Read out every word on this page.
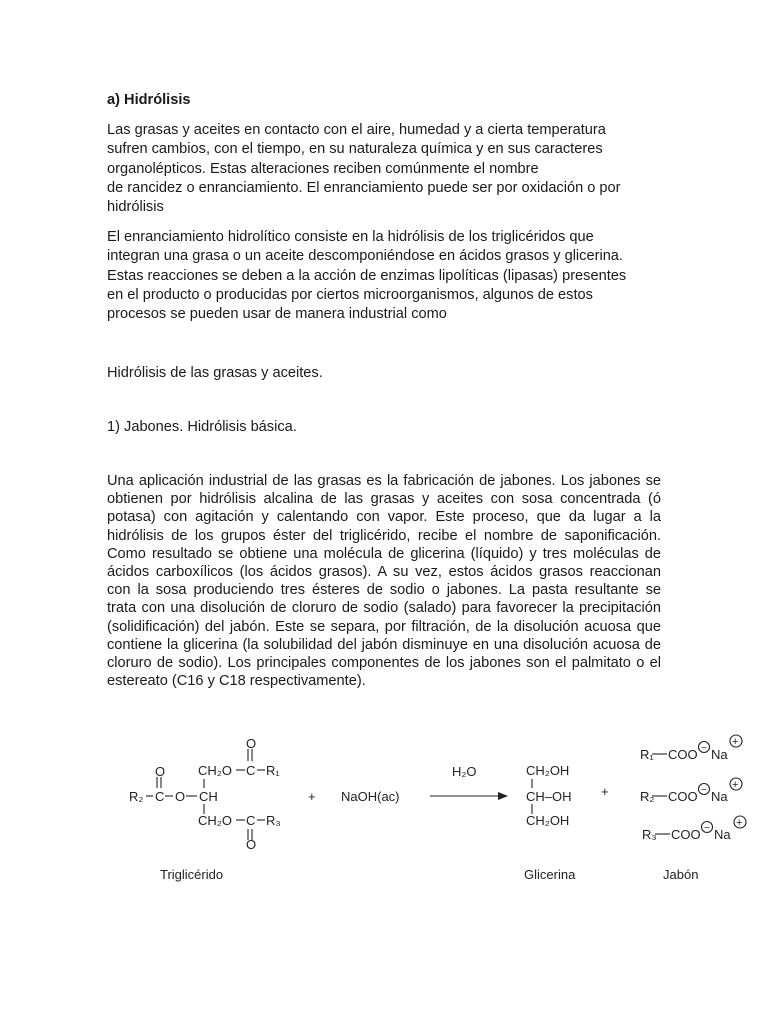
a) Hidrólisis

Las grasas y aceites en contacto con el aire, humedad y a cierta temperatura
sufren cambios, con el tiempo, en su naturaleza química y en sus caracteres
organolépticos. Estas alteraciones reciben comúnmente el nombre
de rancidez o enranciamiento. El enranciamiento puede ser por oxidación o por
hidrólisis

El enranciamiento hidrolítico consiste en la hidrólisis de los triglicéridos que
integran una grasa o un aceite descomponiéndose en ácidos grasos y glicerina.
Estas reacciones se deben a la acción de enzimas lipolíticas (lipasas) presentes
en el producto o producidas por ciertos microorganismos, algunos de estos
procesos se pueden usar de manera industrial como

Hidrólisis de las grasas y aceites.
1) Jabones. Hidrólisis básica.

Una aplicación industrial de las grasas es la fabricación de jabones. Los jabones se
obtienen por hidrólisis alcalina de las grasas y aceites con sosa concentrada (ó
potasa) con agitación y calentando con vapor. Este proceso, que da lugar a la
hidrólisis de los grupos éster del triglicérido, recibe el nombre de saponificación.
Como resultado se obtiene una molécula de glicerina (líquido) y tres moléculas de
ácidos carboxílicos (los ácidos grasos). A su vez, estos ácidos grasos reaccionan
con la sosa produciendo tres ésteres de sodio o jabones. La pasta resultante se
trata con una disolución de cloruro de sodio (salado) para favorecer la precipitación
(solidificación) del jabón. Este se separa, por filtración, de la disolución acuosa que
contiene la glicerina (la solubilidad del jabón disminuye en una disolución acuosa de
cloruro de sodio). Los principales componentes de los jabones son el palmitato o el
estereato (C16 y C18 respectivamente).

O
R₂ C O CH
CH₂O
O
C R₁
CH₂O C R₃
O
+ NaOH(ac)
H₂O	CH₂OH
CH–OH
CH₂OH
+
R₁ COO Na
−
+
R₂ COO Na
− +
R₃ COO Na
− +
Triglicérido	Glicerina	Jabón
